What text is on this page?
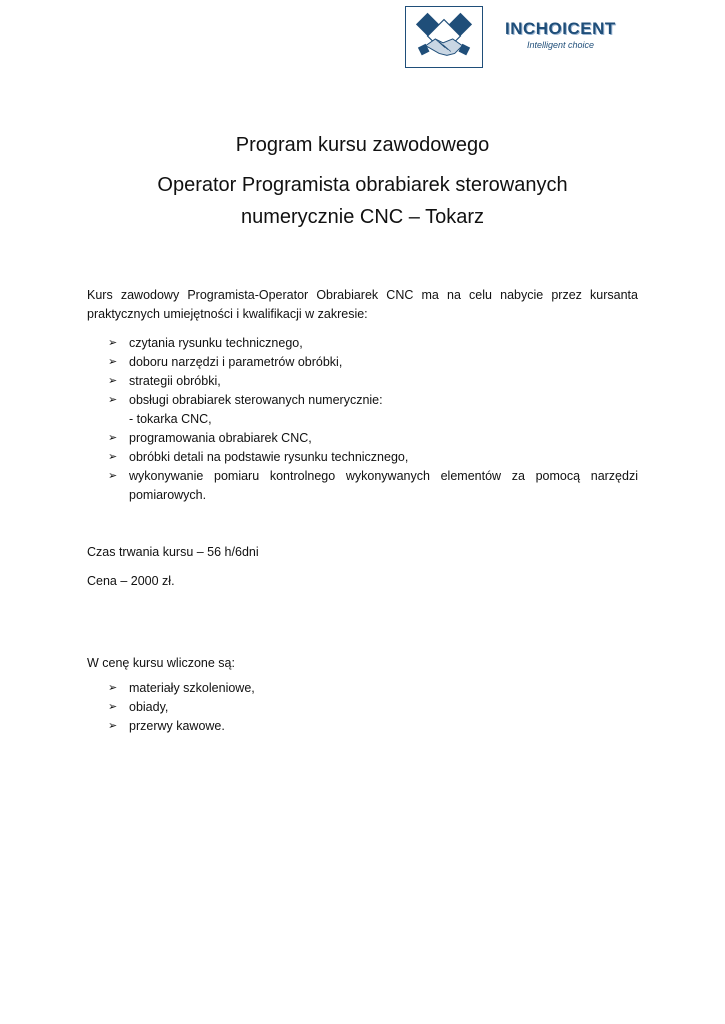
INCHOICENT
Intelligent choice
Program kursu zawodowego
Operator Programista obrabiarek sterowanych
numerycznie CNC – Tokarz
Kurs zawodowy Programista-Operator Obrabiarek CNC ma na celu nabycie przez kursanta praktycznych umiejętności i kwalifikacji w zakresie:
➢ czytania rysunku technicznego,
➢ doboru narzędzi i parametrów obróbki,
➢ strategii obróbki,
➢ obsługi obrabiarek sterowanych numerycznie:
- tokarka CNC,
➢ programowania obrabiarek CNC,
➢ obróbki detali na podstawie rysunku technicznego,
➢ wykonywanie pomiaru kontrolnego wykonywanych elementów za pomocą narzędzi pomiarowych.
Czas trwania kursu – 56 h/6dni
Cena – 2000 zł.
W cenę kursu wliczone są:
➢ materiały szkoleniowe,
➢ obiady,
➢ przerwy kawowe.
